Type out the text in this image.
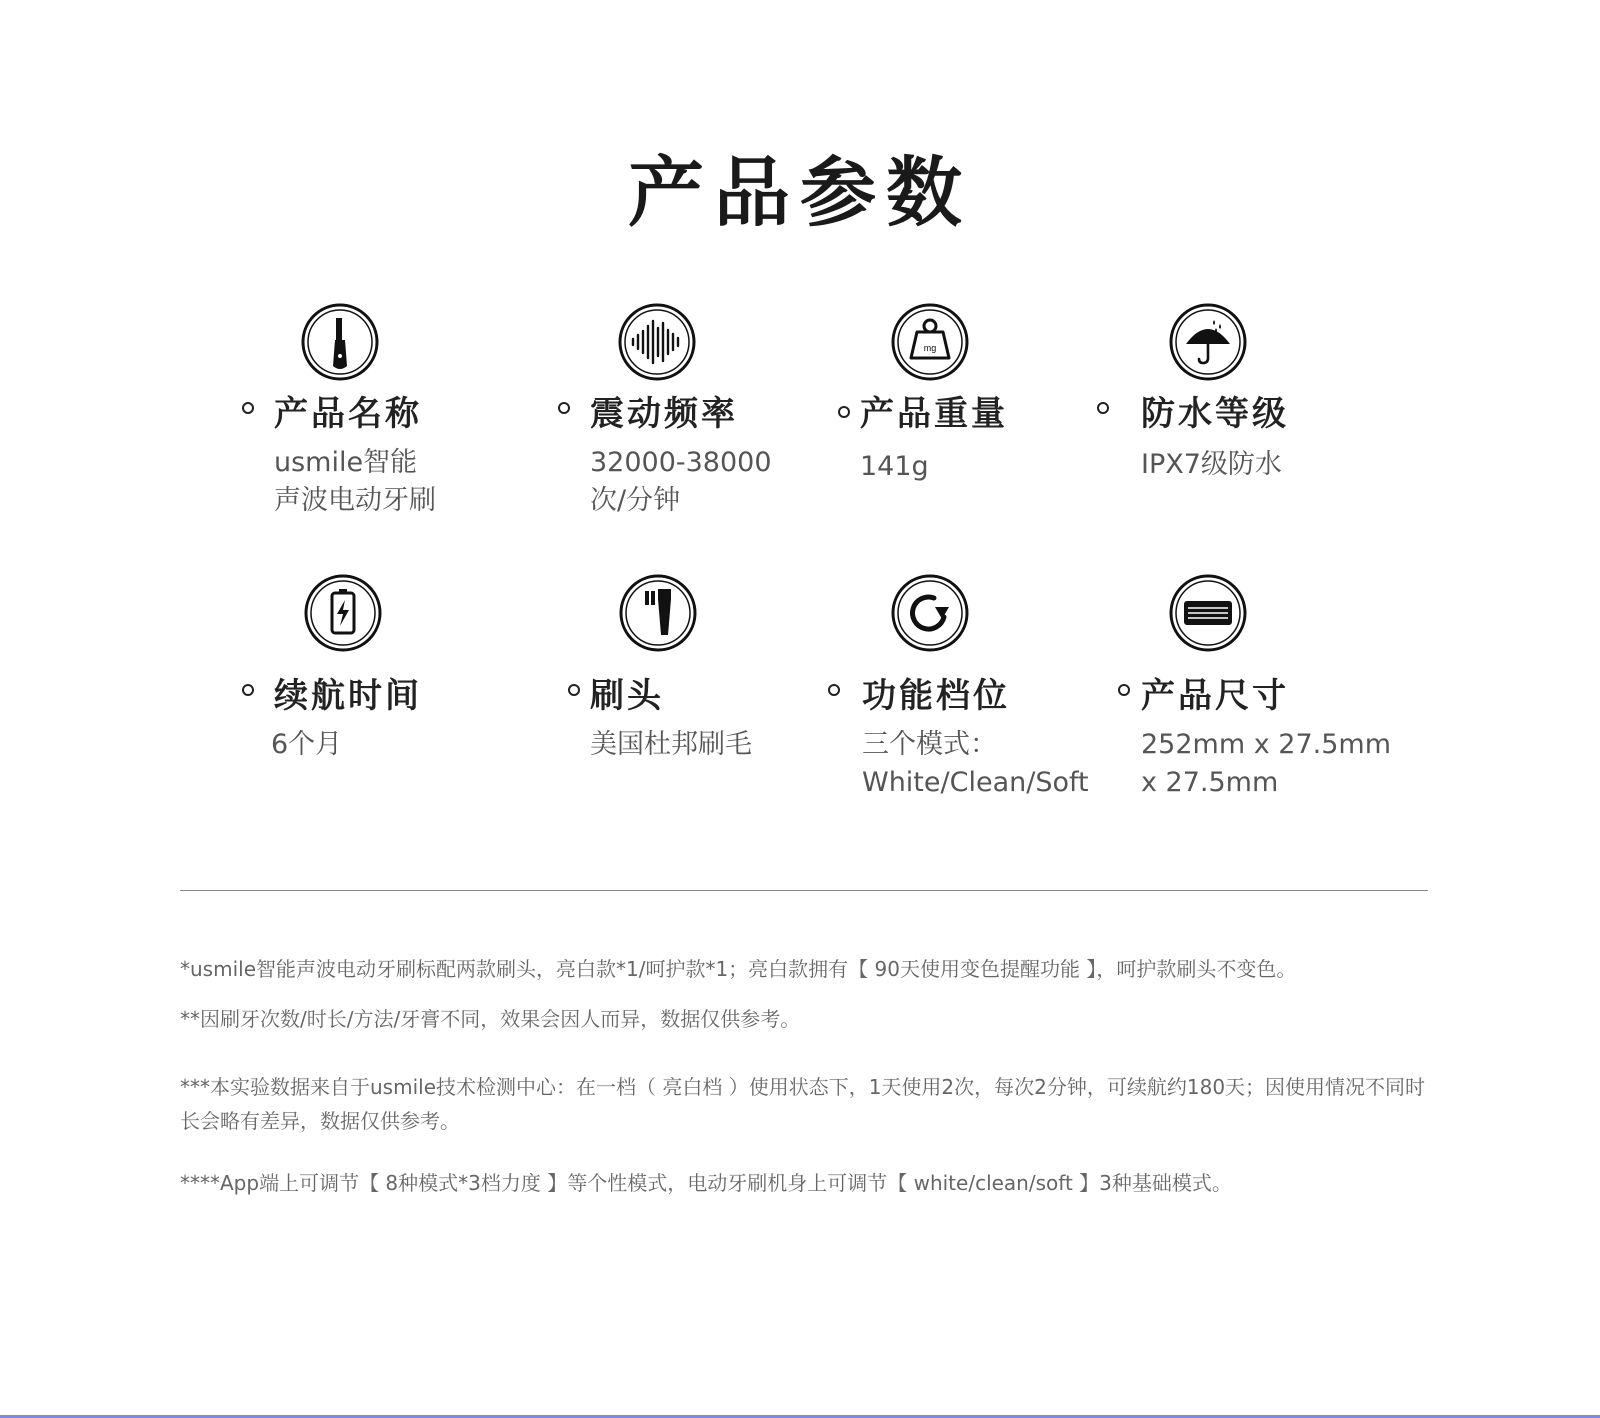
产品参数
产品名称
usmile智能
声波电动牙刷
震动频率
32000-38000
次/分钟
mg
产品重量
141g
防水等级
IPX7级防水
续航时间
6个月
刷头
美国杜邦刷毛
功能档位
三个模式：
White/Clean/Soft
产品尺寸
252mm x 27.5mm
x 27.5mm
*usmile智能声波电动牙刷标配两款刷头，亮白款*1/呵护款*1；亮白款拥有【 90天使用变色提醒功能 】，呵护款刷头不变色。
**因刷牙次数/时长/方法/牙膏不同，效果会因人而异，数据仅供参考。
***本实验数据来自于usmile技术检测中心：在一档（ 亮白档 ）使用状态下，1天使用2次，每次2分钟，可续航约180天；因使用情况不同时长会略有差异，数据仅供参考。
****App端上可调节【 8种模式*3档力度 】等个性模式，电动牙刷机身上可调节【 white/clean/soft 】3种基础模式。
